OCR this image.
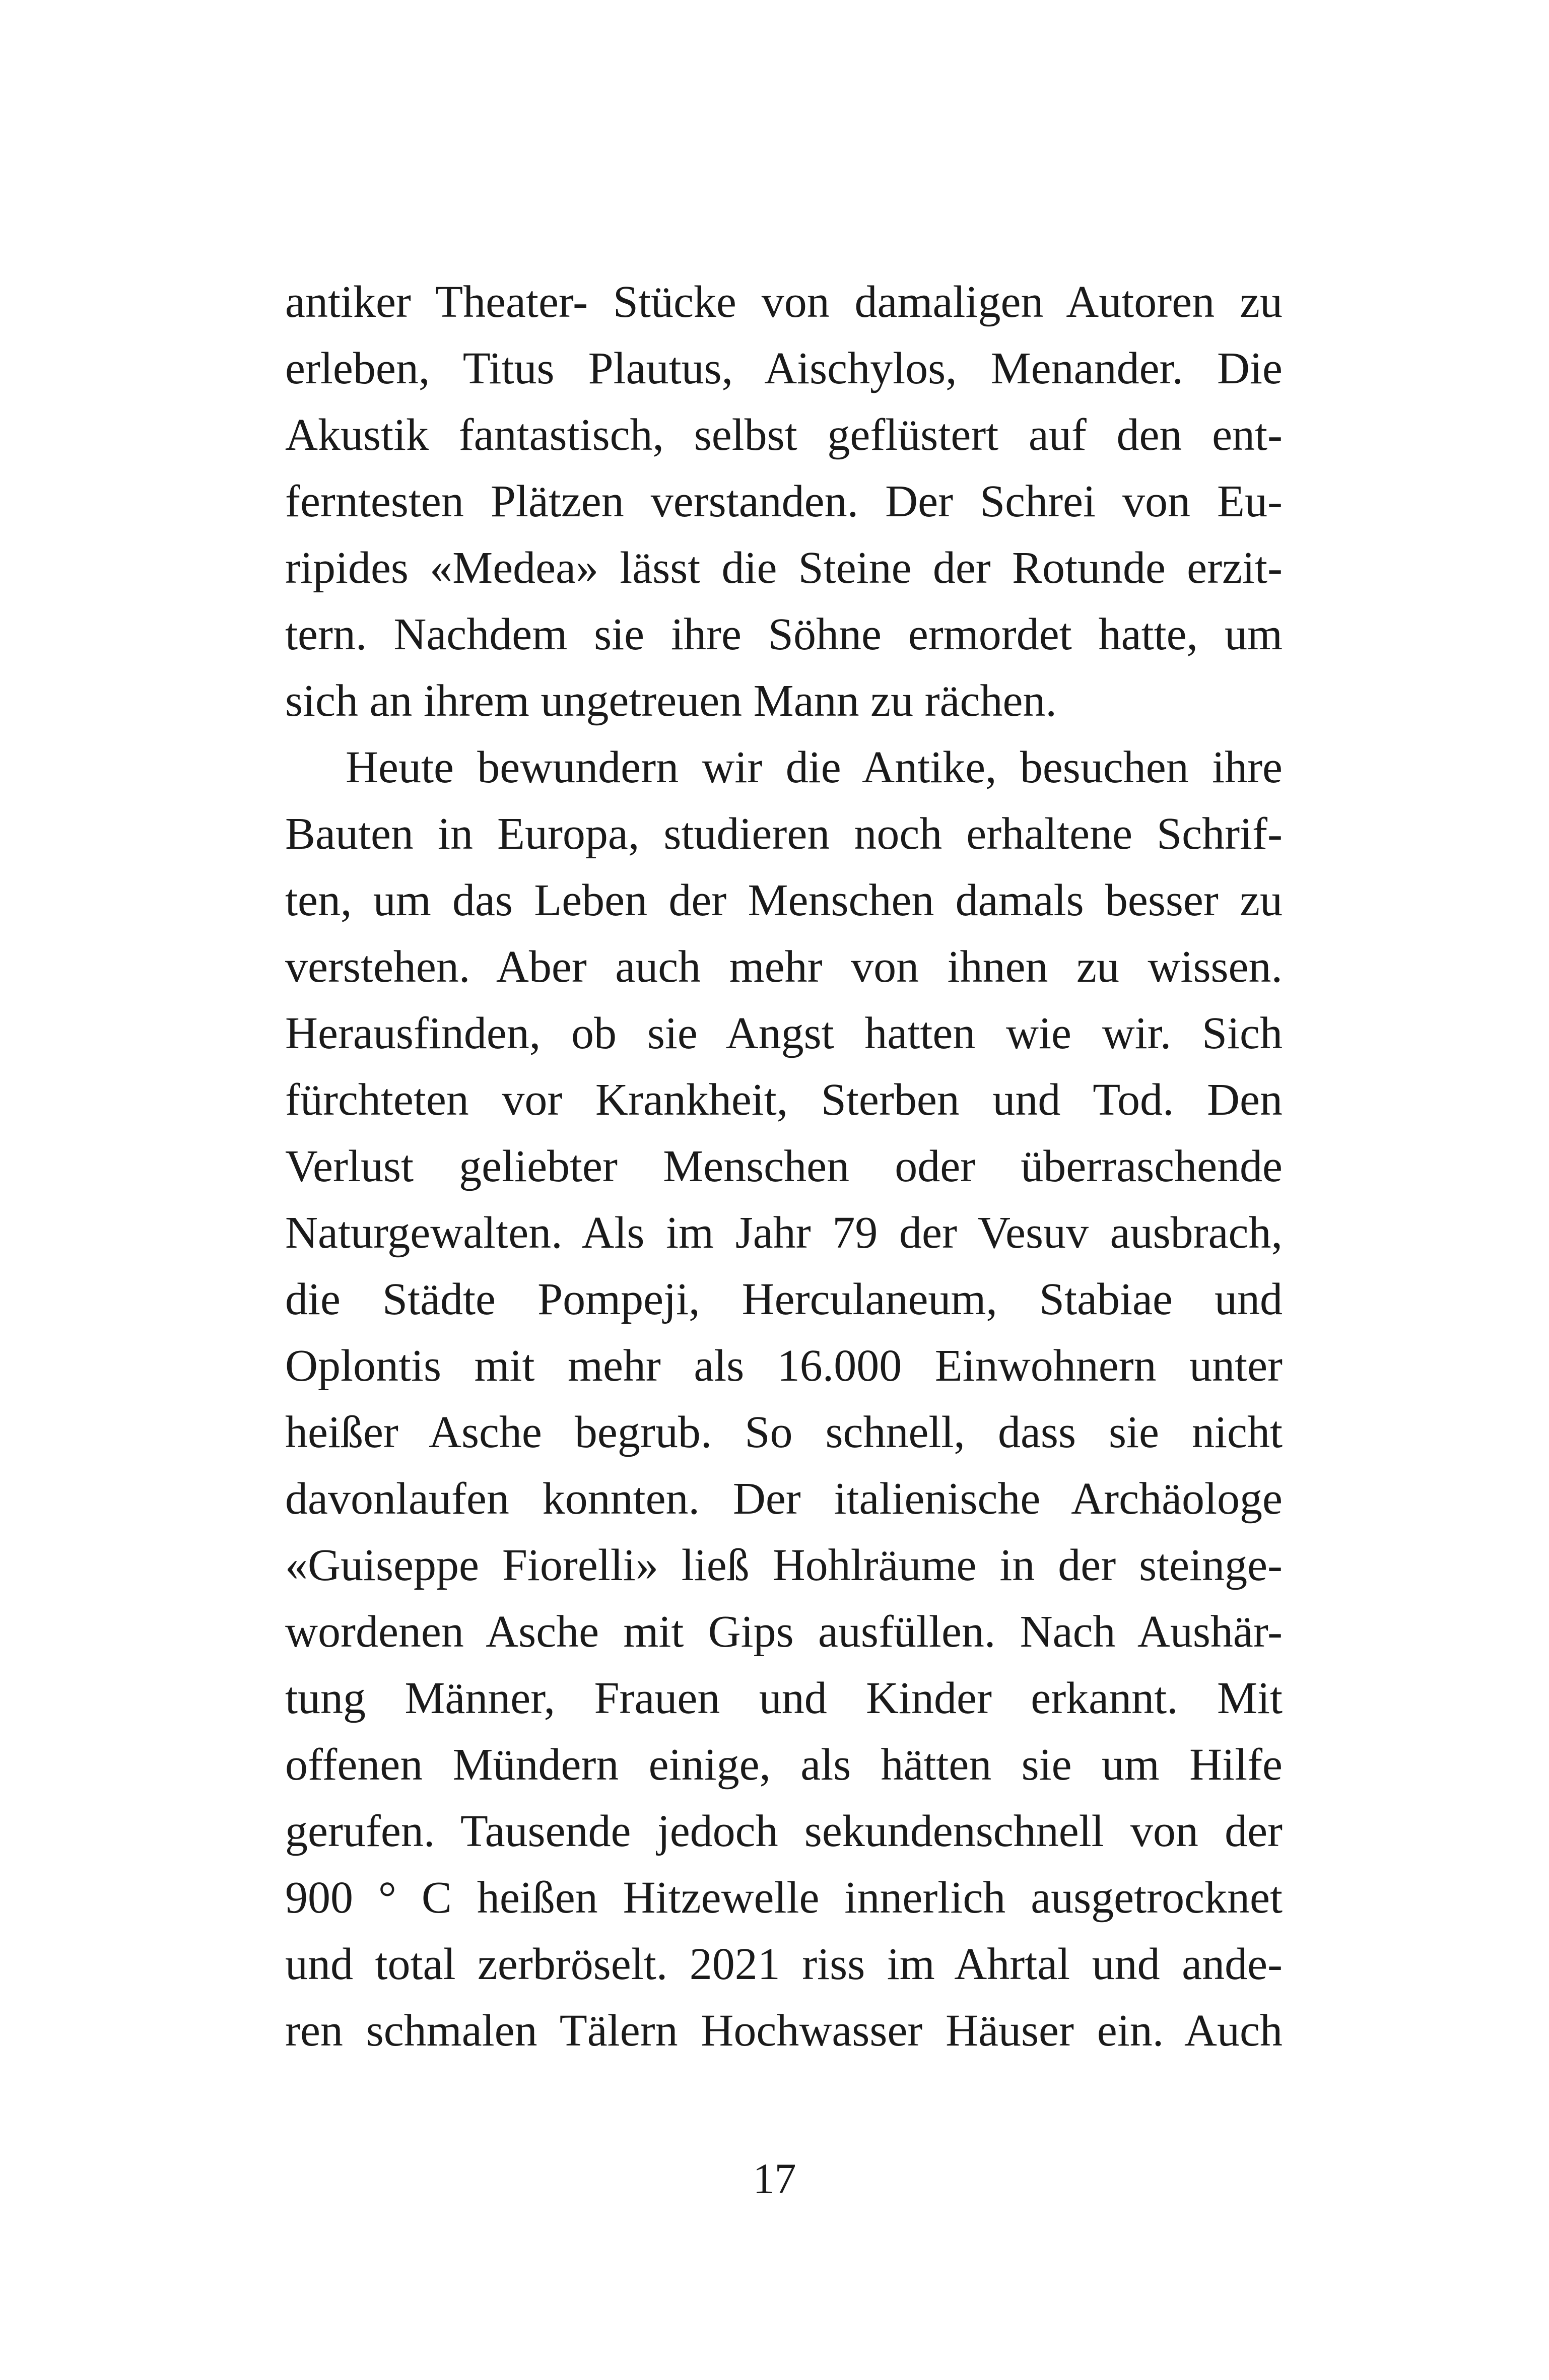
antiker Theater- Stücke von damaligen Autoren zu
erleben, Titus Plautus, Aischylos, Menander. Die
Akustik fantastisch, selbst geflüstert auf den ent-
ferntesten Plätzen verstanden. Der Schrei von Eu-
ripides «Medea» lässt die Steine der Rotunde erzit-
tern. Nachdem sie ihre Söhne ermordet hatte, um
sich an ihrem ungetreuen Mann zu rächen.
Heute bewundern wir die Antike, besuchen ihre
Bauten in Europa, studieren noch erhaltene Schrif-
ten, um das Leben der Menschen damals besser zu
verstehen. Aber auch mehr von ihnen zu wissen.
Herausfinden, ob sie Angst hatten wie wir. Sich
fürchteten vor Krankheit, Sterben und Tod. Den
Verlust geliebter Menschen oder überraschende
Naturgewalten. Als im Jahr 79 der Vesuv ausbrach,
die Städte Pompeji, Herculaneum, Stabiae und
Oplontis mit mehr als 16.000 Einwohnern unter
heißer Asche begrub. So schnell, dass sie nicht
davonlaufen konnten. Der italienische Archäologe
«Guiseppe Fiorelli» ließ Hohlräume in der steinge-
wordenen Asche mit Gips ausfüllen. Nach Aushär-
tung Männer, Frauen und Kinder erkannt. Mit
offenen Mündern einige, als hätten sie um Hilfe
gerufen. Tausende jedoch sekundenschnell von der
900 ° C heißen Hitzewelle innerlich ausgetrocknet
und total zerbröselt. 2021 riss im Ahrtal und ande-
ren schmalen Tälern Hochwasser Häuser ein. Auch
17
